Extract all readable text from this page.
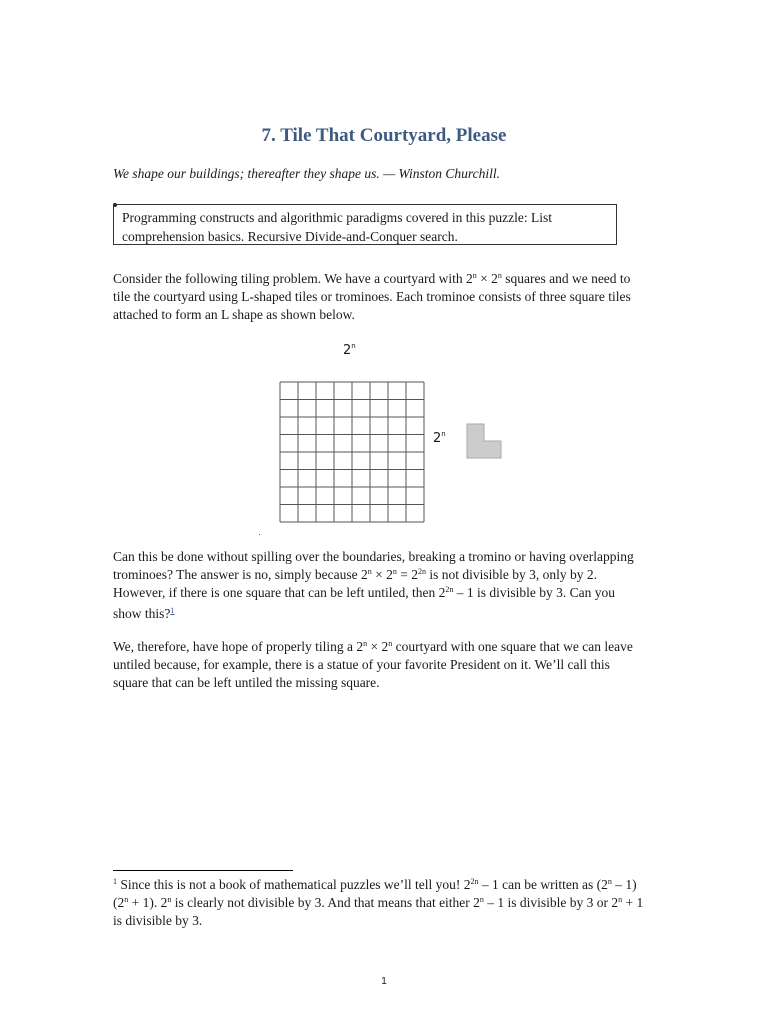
7. Tile That Courtyard, Please
We shape our buildings; thereafter they shape us. — Winston Churchill.
Programming constructs and algorithmic paradigms covered in this puzzle: List comprehension basics. Recursive Divide-and-Conquer search.
Consider the following tiling problem. We have a courtyard with $2^n \times 2^n$ squares and we need to tile the courtyard using L-shaped tiles or trominoes. Each trominoe consists of three square tiles attached to form an L shape as shown below.
2$^n$
2$^n$
Can this be done without spilling over the boundaries, breaking a tromino or having overlapping trominoes? The answer is no, simply because $2^n \times 2^n = 2^{2n}$ is not divisible by 3, only by 2. However, if there is one square that can be left untiled, then $2^{2n} - 1$ is divisible by 3. Can you show this?$^1$
We, therefore, have hope of properly tiling a $2^n \times 2^n$ courtyard with one square that we can leave untiled because, for example, there is a statue of your favorite President on it. We’ll call this square that can be left untiled the missing square.
$^1$ Since this is not a book of mathematical puzzles we’ll tell you! $2^{2n} - 1$ can be written as (2$^n$ – 1) $(2^n + 1)$. 2$^n$ is clearly not divisible by 3. And that means that either 2$^n$ – 1 is divisible by 3 or $2^n + 1$ is divisible by 3.
1
